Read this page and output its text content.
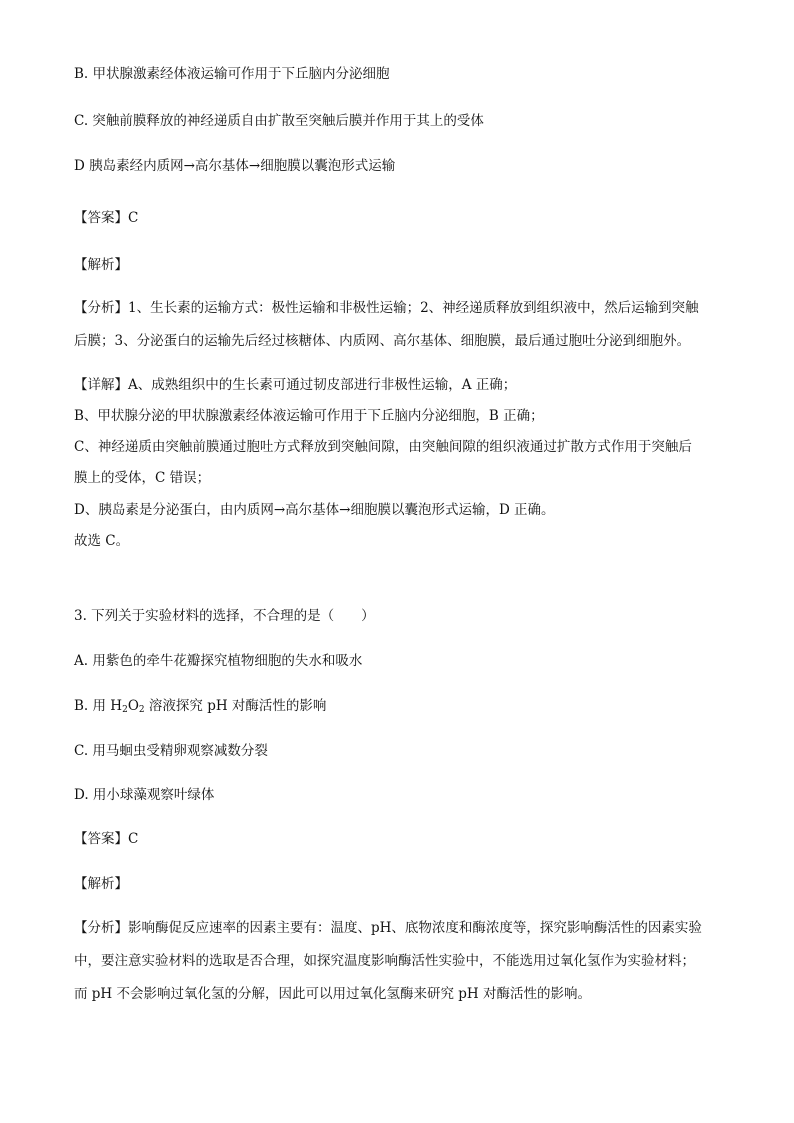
B. 甲状腺激素经体液运输可作用于下丘脑内分泌细胞
C. 突触前膜释放的神经递质自由扩散至突触后膜并作用于其上的受体
D 胰岛素经内质网→高尔基体→细胞膜以囊泡形式运输
【答案】C
【解析】
【分析】1、生长素的运输方式：极性运输和非极性运输；2、神经递质释放到组织液中，然后运输到突触
后膜；3、分泌蛋白的运输先后经过核糖体、内质网、高尔基体、细胞膜，最后通过胞吐分泌到细胞外。
【详解】A、成熟组织中的生长素可通过韧皮部进行非极性运输，A 正确；
B、甲状腺分泌的甲状腺激素经体液运输可作用于下丘脑内分泌细胞，B 正确；
C、神经递质由突触前膜通过胞吐方式释放到突触间隙，由突触间隙的组织液通过扩散方式作用于突触后
膜上的受体，C 错误；
D、胰岛素是分泌蛋白，由内质网→高尔基体→细胞膜以囊泡形式运输，D 正确。
故选 C。
3. 下列关于实验材料的选择，不合理的是（　　）
A. 用紫色的牵牛花瓣探究植物细胞的失水和吸水
B. 用 $H_2O_2$ 溶液探究 pH 对酶活性的影响
C. 用马蛔虫受精卵观察减数分裂
D. 用小球藻观察叶绿体
【答案】C
【解析】
【分析】影响酶促反应速率的因素主要有：温度、pH、底物浓度和酶浓度等，探究影响酶活性的因素实验
中，要注意实验材料的选取是否合理，如探究温度影响酶活性实验中，不能选用过氧化氢作为实验材料；
而 pH 不会影响过氧化氢的分解，因此可以用过氧化氢酶来研究 pH 对酶活性的影响。
